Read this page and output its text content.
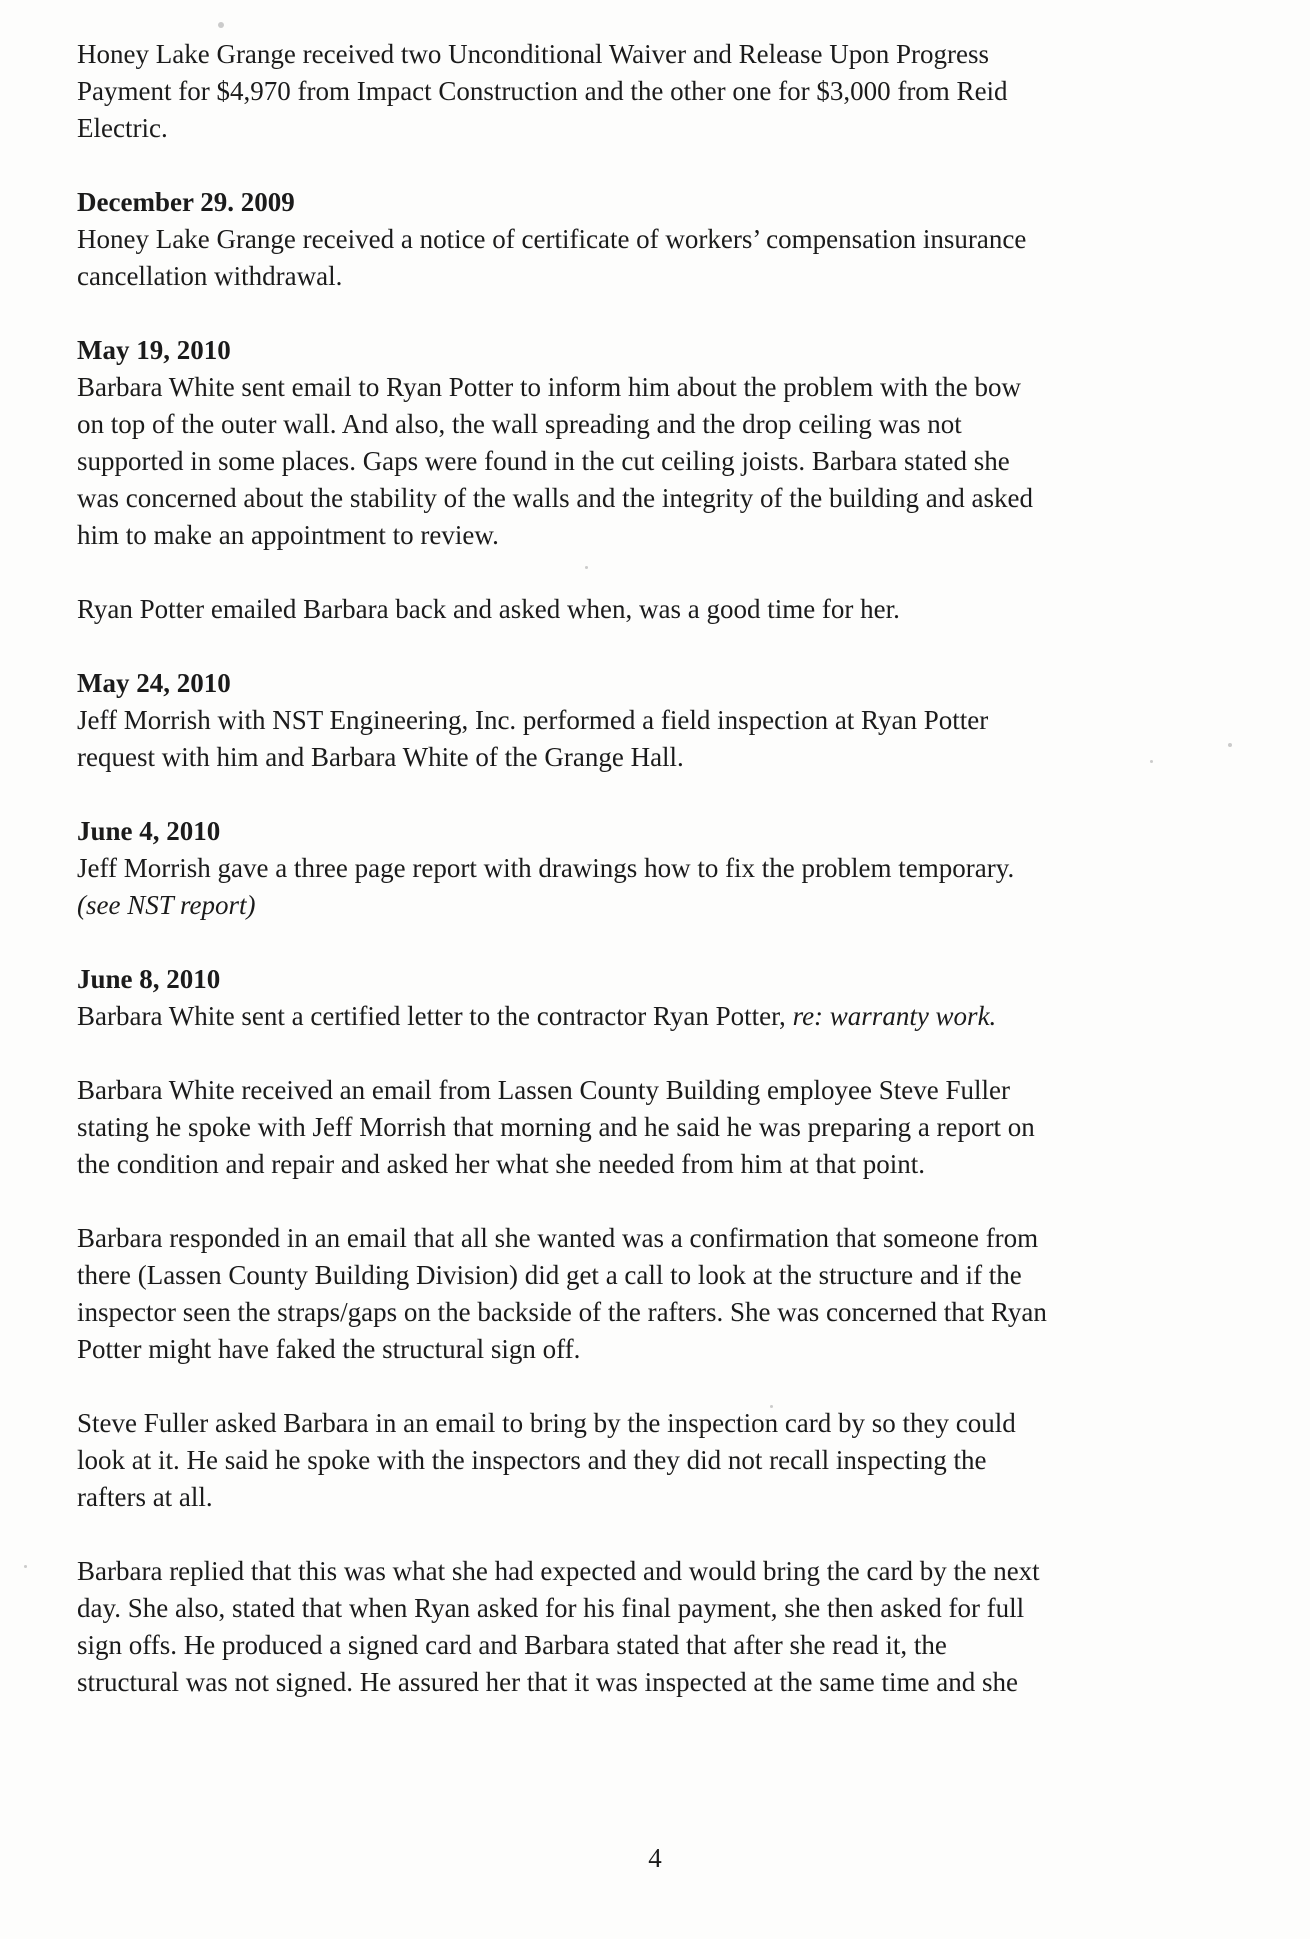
Honey Lake Grange received two Unconditional Waiver and Release Upon Progress
Payment for $4,970 from Impact Construction and the other one for $3,000 from Reid
Electric.

December 29. 2009

Honey Lake Grange received a notice of certificate of workers’ compensation insurance
cancellation withdrawal.

May 19, 2010

Barbara White sent email to Ryan Potter to inform him about the problem with the bow
on top of the outer wall. And also, the wall spreading and the drop ceiling was not
supported in some places. Gaps were found in the cut ceiling joists. Barbara stated she
was concerned about the stability of the walls and the integrity of the building and asked
him to make an appointment to review.

Ryan Potter emailed Barbara back and asked when, was a good time for her.

May 24, 2010

Jeff Morrish with NST Engineering, Inc. performed a field inspection at Ryan Potter
request with him and Barbara White of the Grange Hall.

June 4, 2010

Jeff Morrish gave a three page report with drawings how to fix the problem temporary.

(see NST report)

June 8, 2010

Barbara White sent a certified letter to the contractor Ryan Potter, re: warranty work.

Barbara White received an email from Lassen County Building employee Steve Fuller
stating he spoke with Jeff Morrish that morning and he said he was preparing a report on
the condition and repair and asked her what she needed from him at that point.

Barbara responded in an email that all she wanted was a confirmation that someone from
there (Lassen County Building Division) did get a call to look at the structure and if the
inspector seen the straps/gaps on the backside of the rafters. She was concerned that Ryan
Potter might have faked the structural sign off.

Steve Fuller asked Barbara in an email to bring by the inspection card by so they could
look at it. He said he spoke with the inspectors and they did not recall inspecting the
rafters at all.

Barbara replied that this was what she had expected and would bring the card by the next
day. She also, stated that when Ryan asked for his final payment, she then asked for full
sign offs. He produced a signed card and Barbara stated that after she read it, the
structural was not signed. He assured her that it was inspected at the same time and she

4
